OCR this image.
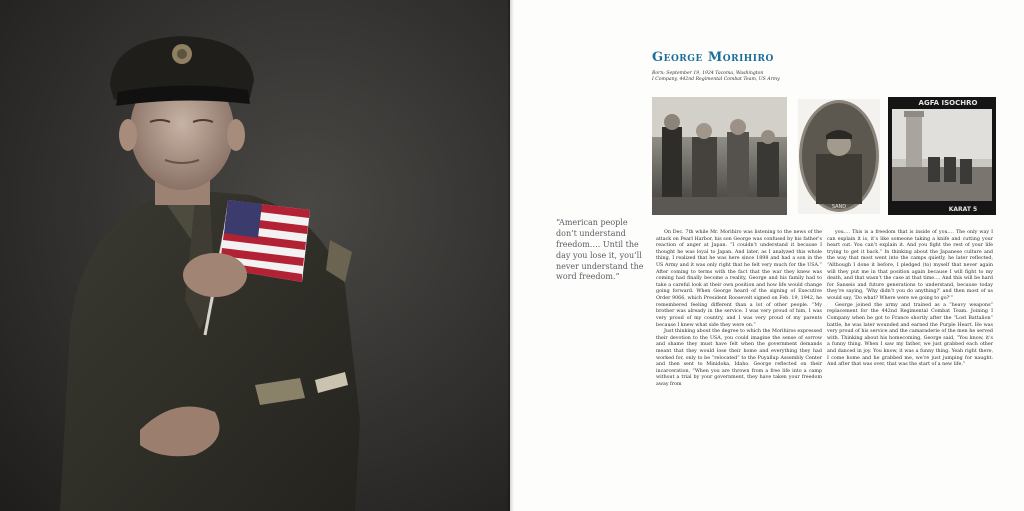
George Morihiro
Born: September 19, 1924 Tacoma, Washington
I Company, 442nd Regimental Combat Team, US Army
SAND
AGFA ISOCHRO
KARAT 5

“American people don’t understand freedom…. Until the day you lose it, you’ll never understand the word freedom.”

On Dec. 7th while Mr. Morihiro was listening to the news of the attack on Pearl Harbor, his son George was confused by his father’s reaction of anger at Japan. “I couldn’t understand it because I thought he was loyal to Japan. And later, as I analyzed this whole thing, I realized that he was here since 1898 and had a son in the US Army and it was only right that he felt very much for the USA.” After coming to terms with the fact that the war they knew was coming had finally become a reality, George and his family had to take a careful look at their own position and how life would change going forward. When George heard of the signing of Executive Order 9066, which President Roosevelt signed on Feb. 19, 1942, he remembered feeling different than a lot of other people. “My brother was already in the service. I was very proud of him, I was very proud of my country, and I was very proud of my parents because I knew what side they were on.”

Just thinking about the degree to which the Morihiros expressed their devotion to the USA, you could imagine the sense of sorrow and shame they must have felt when the government demands meant that they would lose their home and everything they had worked for, only to be “relocated” to the Puyallup Assembly Center and then sent to Minidoka, Idaho. George reflected on their incarceration, “When you are thrown from a free life into a camp without a trial by your government, they have taken your freedom away from

you…. This is a freedom that is inside of you…. The only way I can explain it is, it’s like someone taking a knife and cutting your heart out. You can’t explain it. And you fight the rest of your life trying to get it back.” In thinking about the Japanese culture and the way that most went into the camps quietly, he later reflected, “Although I done it before, I pledged (to) myself that never again will they put me in that position again because I will fight to my death, and that wasn’t the case at that time…. And this will be hard for Sanseis and future generations to understand, because today they’re saying, ‘Why didn’t you do anything?’ and then most of us would say, ‘Do what? Where were we going to go?’”

George joined the army and trained as a “heavy weapons” replacement for the 442nd Regimental Combat Team. Joining I Company when he got to France shortly after the “Lost Battalion” battle, he was later wounded and earned the Purple Heart. He was very proud of his service and the camaraderie of the men he served with. Thinking about his homecoming, George said, “You know, it’s a funny thing. When I saw my father, we just grabbed each other and danced in joy. You know, it was a funny thing. Yeah right there, I come home and he grabbed me, we’re just jumping for naught. And after that was over, that was the start of a new life.”
